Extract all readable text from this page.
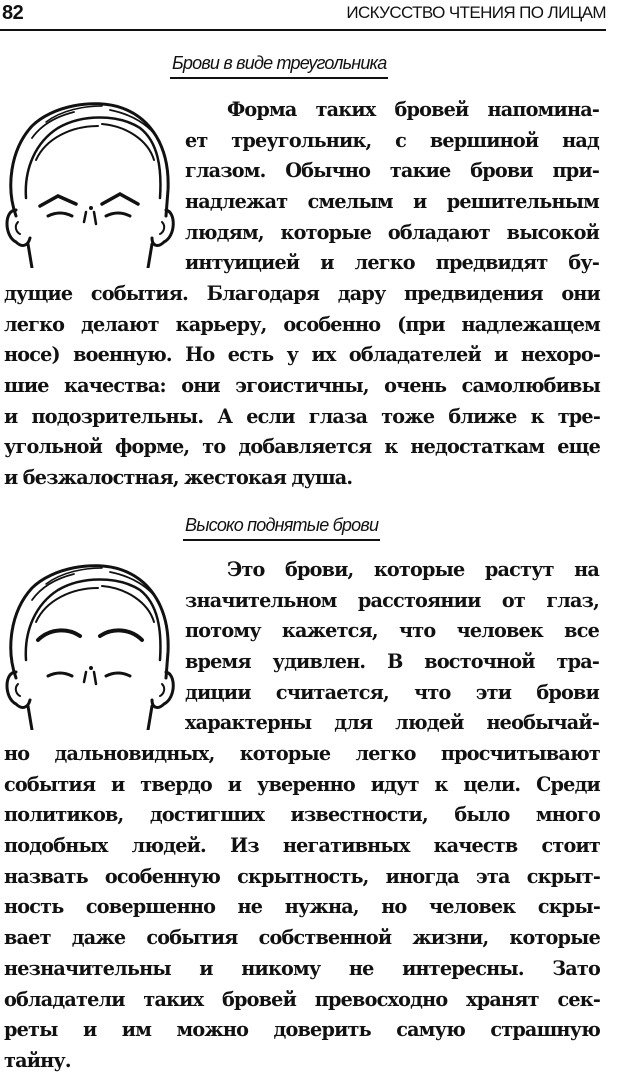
82	ИСКУССТВО ЧТЕНИЯ ПО ЛИЦАМ
Брови в виде треугольника
Форма таких бровей напомина-
ет треугольник, с вершиной над
глазом. Обычно такие брови при-
надлежат смелым и решительным
людям, которые обладают высокой
интуицией и легко предвидят бу-
дущие события. Благодаря дару предвидения они
легко делают карьеру, особенно (при надлежащем
носе) военную. Но есть у их обладателей и нехоро-
шие качества: они эгоистичны, очень самолюбивы
и подозрительны. А если глаза тоже ближе к тре-
угольной форме, то добавляется к недостаткам еще
и безжалостная, жестокая душа.
Высоко поднятые брови
Это брови, которые растут на
значительном расстоянии от глаз,
потому кажется, что человек все
время удивлен. В восточной тра-
диции считается, что эти брови
характерны для людей необычай-
но дальновидных, которые легко просчитывают
события и твердо и уверенно идут к цели. Среди
политиков, достигших известности, было много
подобных людей. Из негативных качеств стоит
назвать особенную скрытность, иногда эта скрыт-
ность совершенно не нужна, но человек скры-
вает даже события собственной жизни, которые
незначительны и никому не интересны. Зато
обладатели таких бровей превосходно хранят сек-
реты и им можно доверить самую страшную
тайну.
